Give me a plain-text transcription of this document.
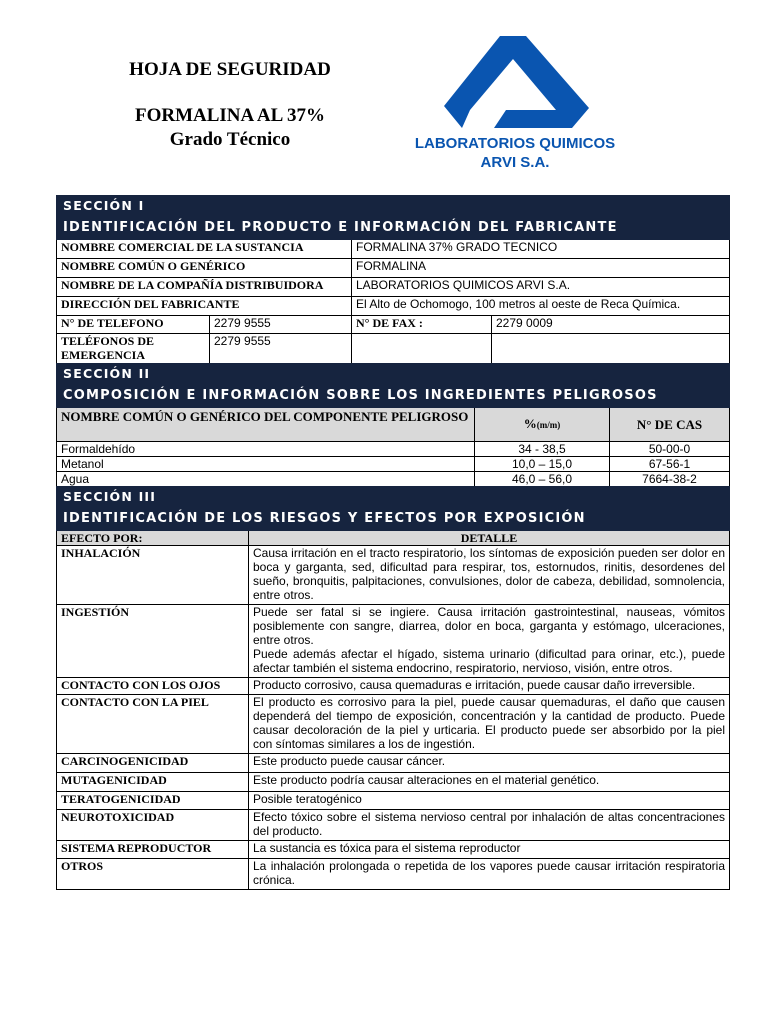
HOJA DE SEGURIDAD
FORMALINA AL 37%
Grado Técnico	LABORATORIOS QUIMICOS
ARVI S.A.
SECCIÓN I			
IDENTIFICACIÓN DEL PRODUCTO E INFORMACIÓN DEL FABRICANTE			
NOMBRE COMERCIAL DE LA SUSTANCIA		FORMALINA 37% GRADO TECNICO	
NOMBRE COMÚN O GENÉRICO		FORMALINA	
NOMBRE DE LA COMPAÑÍA DISTRIBUIDORA		LABORATORIOS QUIMICOS ARVI S.A.	
DIRECCIÓN DEL FABRICANTE		El Alto de Ochomogo, 100 metros al oeste de Reca Química.	
N° DE TELEFONO	2279 9555	N° DE FAX :	2279 0009
TELÉFONOS DE EMERGENCIA	2279 9555		
SECCIÓN II		
COMPOSICIÓN E INFORMACIÓN SOBRE LOS INGREDIENTES PELIGROSOS		
NOMBRE COMÚN O GENÉRICO DEL COMPONENTE PELIGROSO	%(m/m)	N° DE CAS
Formaldehído	34 - 38,5	50-00-0
Metanol	10,0 – 15,0	67-56-1
Agua	46,0 – 56,0	7664-38-2
SECCIÓN III	
IDENTIFICACIÓN DE LOS RIESGOS Y EFECTOS POR EXPOSICIÓN	
EFECTO POR:	DETALLE
INHALACIÓN	Causa irritación en el tracto respiratorio, los síntomas de exposición pueden ser dolor en boca y garganta, sed, dificultad para respirar, tos, estornudos, rinitis, desordenes del sueño, bronquitis, palpitaciones, convulsiones, dolor de cabeza, debilidad, somnolencia, entre otros.
INGESTIÓN	Puede ser fatal si se ingiere. Causa irritación gastrointestinal, nauseas, vómitos posiblemente con sangre, diarrea, dolor en boca, garganta y estómago, ulceraciones, entre otros.
Puede además afectar el hígado, sistema urinario (dificultad para orinar, etc.), puede afectar también el sistema endocrino, respiratorio, nervioso, visión, entre otros.

CONTACTO CON LOS OJOS	Producto corrosivo, causa quemaduras e irritación, puede causar daño irreversible.
CONTACTO CON LA PIEL	El producto es corrosivo para la piel, puede causar quemaduras, el daño que causen dependerá del tiempo de exposición, concentración y la cantidad de producto. Puede causar decoloración de la piel y urticaria. El producto puede ser absorbido por la piel con síntomas similares a los de ingestión.
CARCINOGENICIDAD	Este producto puede causar cáncer.
MUTAGENICIDAD	Este producto podría causar alteraciones en el material genético.
TERATOGENICIDAD	Posible teratogénico
NEUROTOXICIDAD	Efecto tóxico sobre el sistema nervioso central por inhalación de altas concentraciones del producto.
SISTEMA REPRODUCTOR	La sustancia es tóxica para el sistema reproductor
OTROS	La inhalación prolongada o repetida de los vapores puede causar irritación respiratoria crónica.
